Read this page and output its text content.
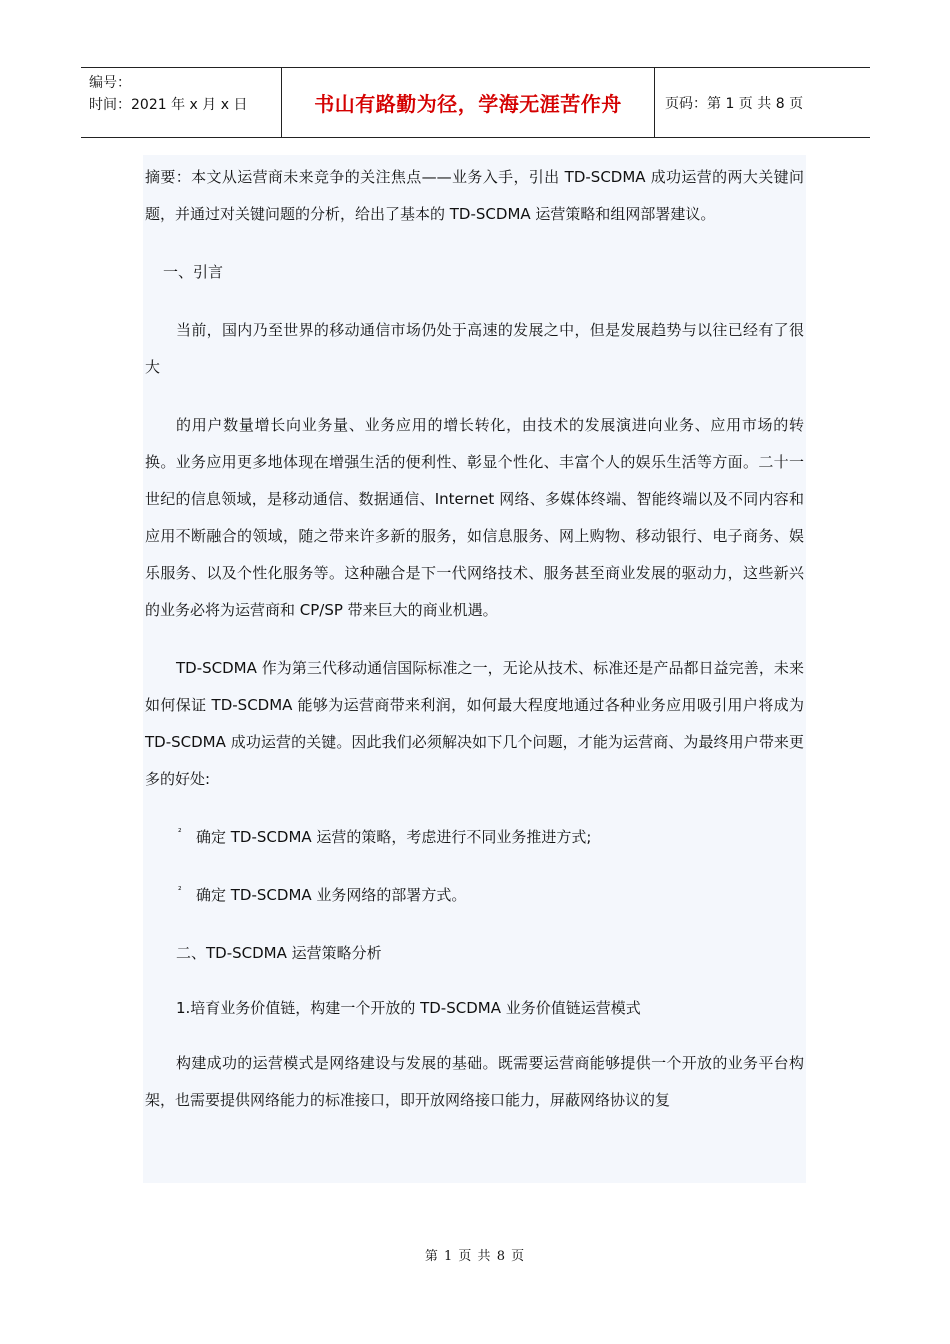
编号：
时间：2021 年 x 月 x 日	书山有路勤为径，学海无涯苦作舟	页码：第 1 页 共 8 页

摘要：本文从运营商未来竞争的关注焦点——业务入手，引出 TD-SCDMA 成功运营的两大关键问题，并通过对关键问题的分析，给出了基本的 TD-SCDMA 运营策略和组网部署建议。

一、引言

当前，国内乃至世界的移动通信市场仍处于高速的发展之中，但是发展趋势与以往已经有了很大

的用户数量增长向业务量、业务应用的增长转化，由技术的发展演进向业务、应用市场的转换。业务应用更多地体现在增强生活的便利性、彰显个性化、丰富个人的娱乐生活等方面。二十一世纪的信息领域，是移动通信、数据通信、Internet 网络、多媒体终端、智能终端以及不同内容和应用不断融合的领域，随之带来许多新的服务，如信息服务、网上购物、移动银行、电子商务、娱乐服务、以及个性化服务等。这种融合是下一代网络技术、服务甚至商业发展的驱动力，这些新兴的业务必将为运营商和 CP/SP 带来巨大的商业机遇。

TD-SCDMA 作为第三代移动通信国际标准之一，无论从技术、标准还是产品都日益完善，未来如何保证 TD-SCDMA 能够为运营商带来利润，如何最大程度地通过各种业务应用吸引用户将成为 TD-SCDMA 成功运营的关键。因此我们必须解决如下几个问题，才能为运营商、为最终用户带来更多的好处:

² 确定 TD-SCDMA 运营的策略，考虑进行不同业务推进方式;
² 确定 TD-SCDMA 业务网络的部署方式。

二、TD-SCDMA 运营策略分析

1.培育业务价值链，构建一个开放的 TD-SCDMA 业务价值链运营模式

构建成功的运营模式是网络建设与发展的基础。既需要运营商能够提供一个开放的业务平台构架，也需要提供网络能力的标准接口，即开放网络接口能力，屏蔽网络协议的复

第 1 页 共 8 页
